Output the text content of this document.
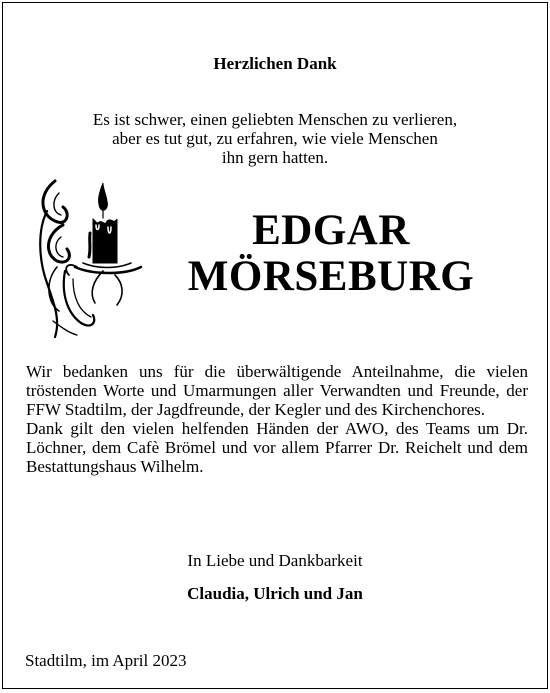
Herzlichen Dank
Es ist schwer, einen geliebten Menschen zu verlieren,
aber es tut gut, zu erfahren, wie viele Menschen
ihn gern hatten.
EDGAR
MÖRSEBURG
Wir bedanken uns für die überwältigende Anteilnahme, die vielen tröstenden Worte und Umarmungen aller Verwandten und Freunde, der FFW Stadtilm, der Jagdfreunde, der Kegler und des Kirchenchores.
Dank gilt den vielen helfenden Händen der AWO, des Teams um Dr. Löchner, dem Cafè Brömel und vor allem Pfarrer Dr. Reichelt und dem Bestattungshaus Wilhelm.
In Liebe und Dankbarkeit
Claudia, Ulrich und Jan
Stadtilm, im April 2023
